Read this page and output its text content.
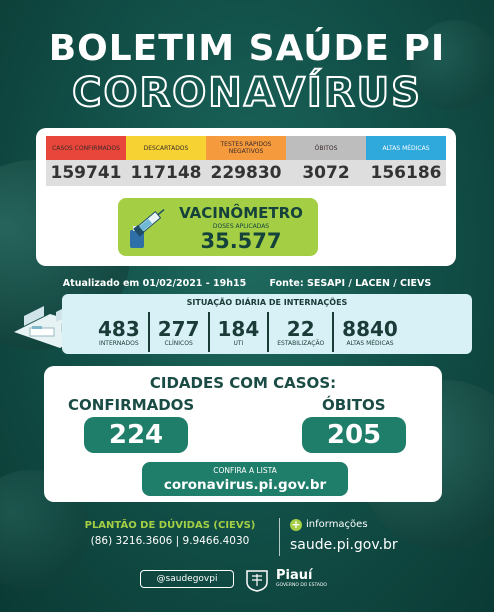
BOLETIM SAÚDE PI
CORONAVÍRUS
CASOS CONFIRMADOS
159741
DESCARTADOS
117148
TESTES RÁPIDOS NEGATIVOS
229830
ÓBITOS
3072
ALTAS MÉDICAS
156186
VACINÔMETRO
DOSES APLICADAS
35.577
Atualizado em 01/02/2021 - 19h15 Fonte: SESAPI / LACEN / CIEVS
SITUAÇÃO DIÁRIA DE INTERNAÇÕES
483
INTERNADOS
277
CLÍNICOS
184
UTI
22
ESTABILIZAÇÃO
8840
ALTAS MÉDICAS
CIDADES COM CASOS:
CONFIRMADOS	ÓBITOS
224	205
CONFIRA A LISTA
coronavirus.pi.gov.br
PLANTÃO DE DÚVIDAS (CIEVS)
(86) 3216.3606 | 9.9466.4030
+ informações
saude.pi.gov.br
@saudegovpi	Piauí
GOVERNO DO ESTADO
